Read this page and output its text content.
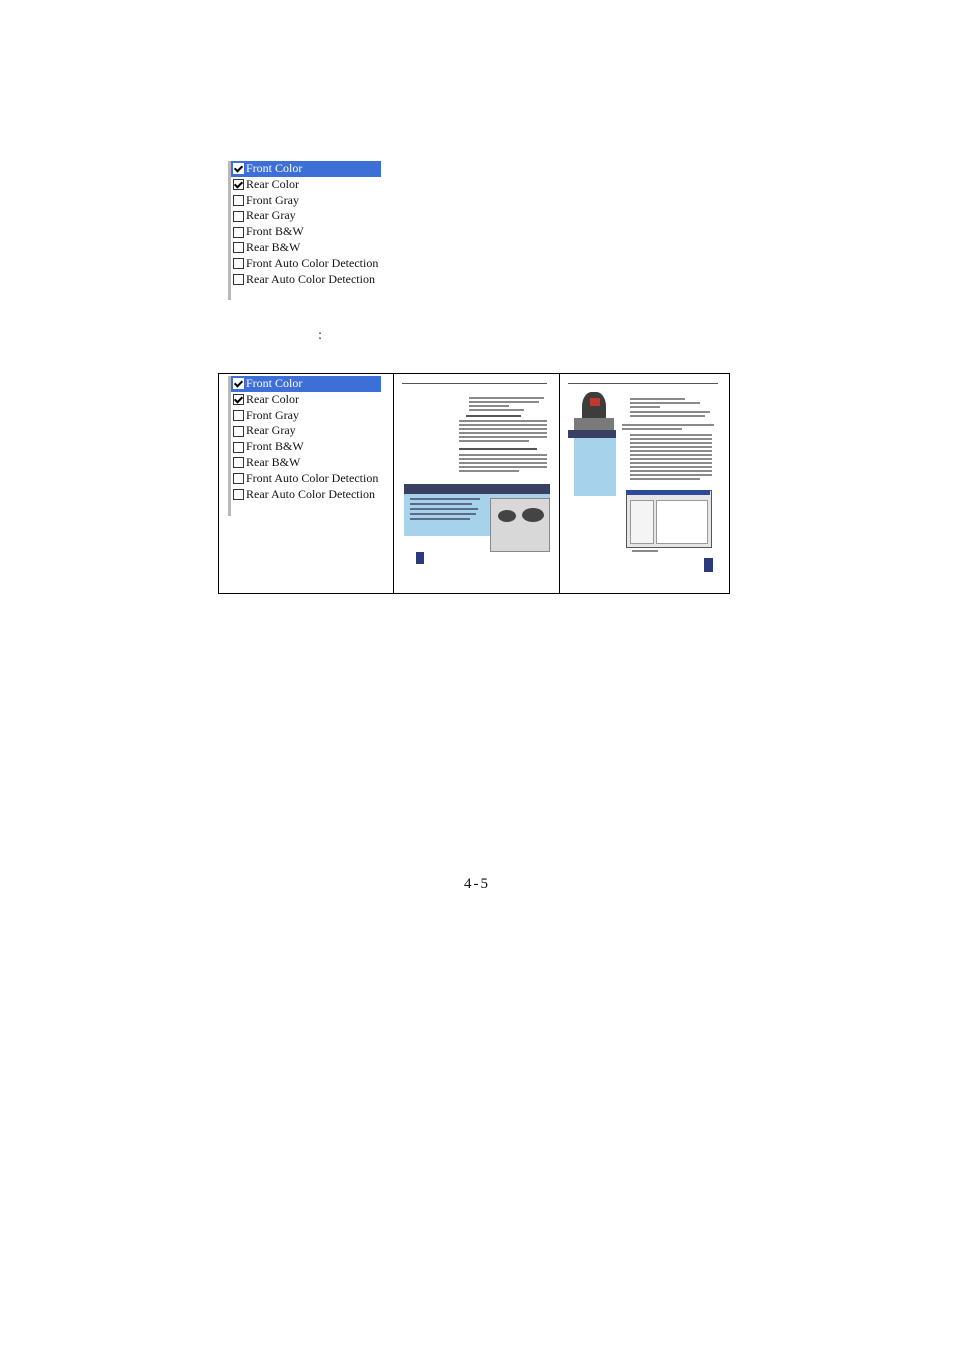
Front Color
Rear Color
Front Gray
Rear Gray
Front B&W
Rear B&W
Front Auto Color Detection
Rear Auto Color Detection
:
Front Color
Rear Color
Front Gray
Rear Gray
Front B&W
Rear B&W
Front Auto Color Detection
Rear Auto Color Detection
4-5
